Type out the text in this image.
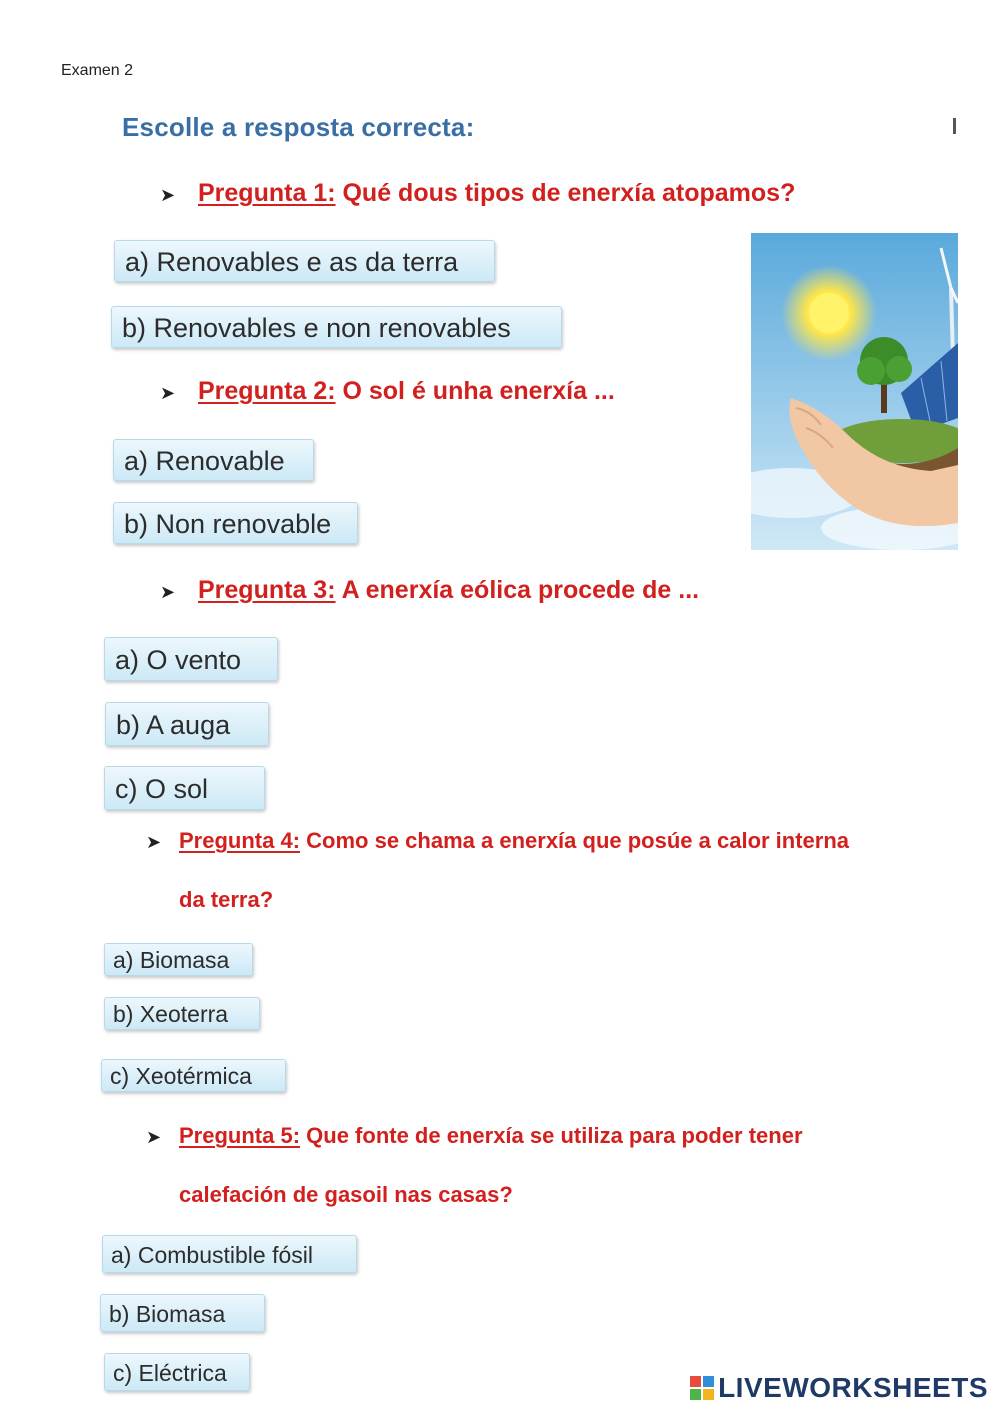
Examen 2
Escolle a resposta correcta:
➤ Pregunta 1: Qué dous tipos de enerxía atopamos?
a) Renovables e as da terra
b) Renovables e non renovables
➤ Pregunta 2: O sol é unha enerxía ...
a) Renovable
b) Non renovable
➤ Pregunta 3: A enerxía eólica procede de ...
a) O vento
b) A auga
c) O sol
➤ Pregunta 4: Como se chama a enerxía que posúe a calor interna
da terra?
a) Biomasa
b) Xeoterra
c) Xeotérmica
➤ Pregunta 5: Que fonte de enerxía se utiliza para poder tener
calefación de gasoil nas casas?
a) Combustible fósil
b) Biomasa
c) Eléctrica	LIVEWORKSHEETS
